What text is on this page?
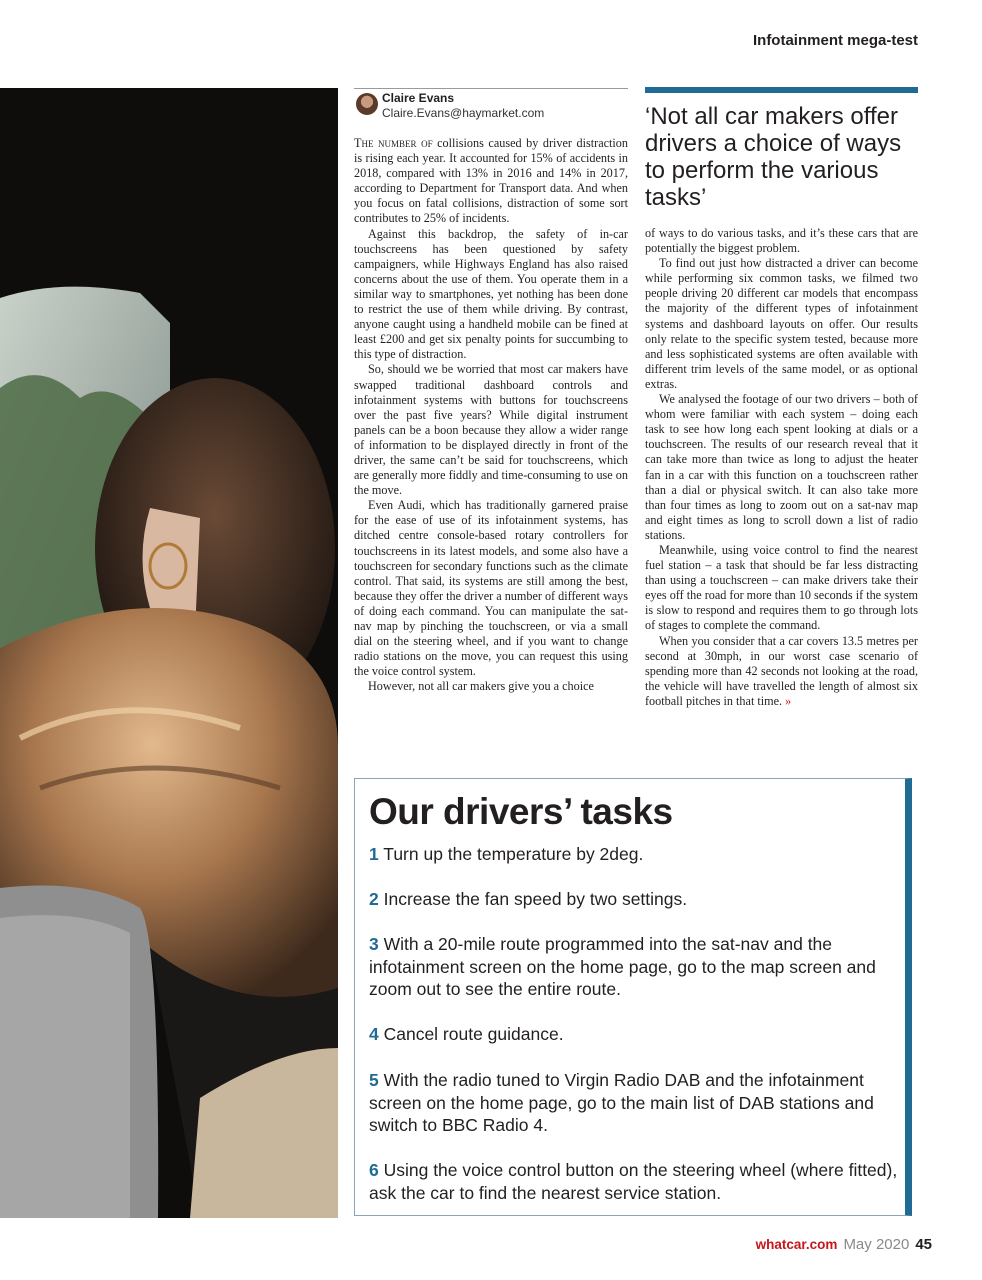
Infotainment mega-test
Claire Evans
Claire.Evans@haymarket.com

The number of collisions caused by driver distraction is rising each year. It accounted for 15% of accidents in 2018, compared with 13% in 2016 and 14% in 2017, according to Department for Transport data. And when you focus on fatal collisions, distraction of some sort contributes to 25% of incidents.

Against this backdrop, the safety of in-car touchscreens has been questioned by safety campaigners, while Highways England has also raised concerns about the use of them. You operate them in a similar way to smartphones, yet nothing has been done to restrict the use of them while driving. By contrast, anyone caught using a handheld mobile can be fined at least £200 and get six penalty points for succumbing to this type of distraction.

So, should we be worried that most car makers have swapped traditional dashboard controls and infotainment systems with buttons for touchscreens over the past five years? While digital instrument panels can be a boon because they allow a wider range of information to be displayed directly in front of the driver, the same can’t be said for touchscreens, which are generally more fiddly and time-consuming to use on the move.

Even Audi, which has traditionally garnered praise for the ease of use of its infotainment systems, has ditched centre console-based rotary controllers for touchscreens in its latest models, and some also have a touchscreen for secondary functions such as the climate control. That said, its systems are still among the best, because they offer the driver a number of different ways of doing each command. You can manipulate the sat-nav map by pinching the touchscreen, or via a small dial on the steering wheel, and if you want to change radio stations on the move, you can request this using the voice control system.

However, not all car makers give you a choice

‘Not all car makers offer drivers a choice of ways to perform the various tasks’

of ways to do various tasks, and it’s these cars that are potentially the biggest problem.

To find out just how distracted a driver can become while performing six common tasks, we filmed two people driving 20 different car models that encompass the majority of the different types of infotainment systems and dashboard layouts on offer. Our results only relate to the specific system tested, because more and less sophisticated systems are often available with different trim levels of the same model, or as optional extras.

We analysed the footage of our two drivers – both of whom were familiar with each system – doing each task to see how long each spent looking at dials or a touchscreen. The results of our research reveal that it can take more than twice as long to adjust the heater fan in a car with this function on a touchscreen rather than a dial or physical switch. It can also take more than four times as long to zoom out on a sat-nav map and eight times as long to scroll down a list of radio stations.

Meanwhile, using voice control to find the nearest fuel station – a task that should be far less distracting than using a touchscreen – can make drivers take their eyes off the road for more than 10 seconds if the system is slow to respond and requires them to go through lots of stages to complete the command.

When you consider that a car covers 13.5 metres per second at 30mph, in our worst case scenario of spending more than 42 seconds not looking at the road, the vehicle will have travelled the length of almost six football pitches in that time. »

Our drivers’ tasks
1 Turn up the temperature by 2deg.
2 Increase the fan speed by two settings.
3 With a 20-mile route programmed into the sat-nav and the infotainment screen on the home page, go to the map screen and zoom out to see the entire route.
4 Cancel route guidance.
5 With the radio tuned to Virgin Radio DAB and the infotainment screen on the home page, go to the main list of DAB stations and switch to BBC Radio 4.
6 Using the voice control button on the steering wheel (where fitted), ask the car to find the nearest service station.
whatcar.com May 2020 45
